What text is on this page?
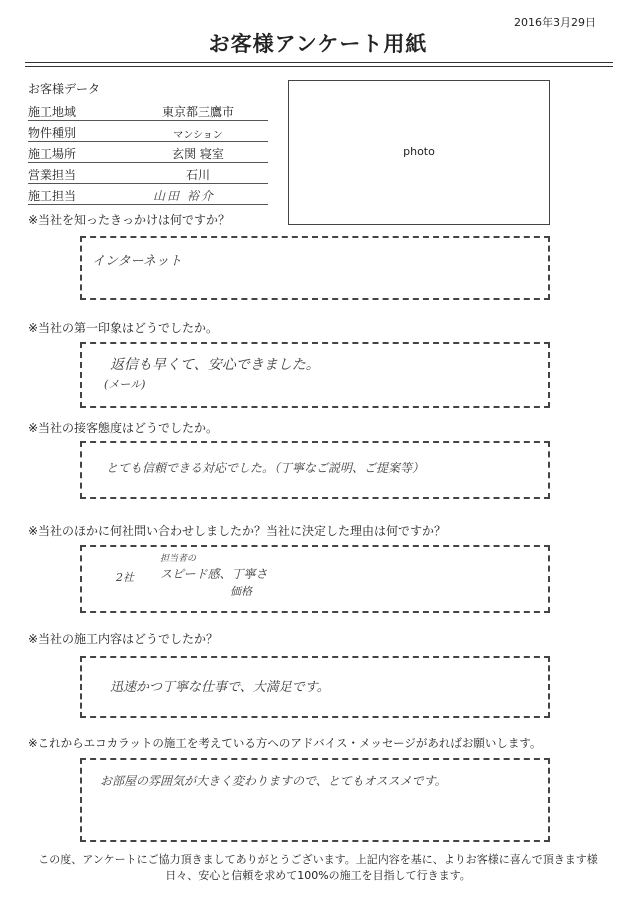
2016年3月29日
お客様アンケート用紙
お客様データ
施工地域	東京都三鷹市
物件種別	マンション
施工場所	玄関 寝室
営業担当	石川
施工担当	山田 裕介
photo
※当社を知ったきっかけは何ですか？
インターネット
※当社の第一印象はどうでしたか。
返信も早くて、安心できました。
(メール)
※当社の接客態度はどうでしたか。
とても信頼できる対応でした。（丁寧なご説明、ご提案等）
※当社のほかに何社問い合わせしましたか？当社に決定した理由は何ですか？
2社
担当者の
スピード感、丁寧さ
価格
※当社の施工内容はどうでしたか？
迅速かつ丁寧な仕事で、大満足です。
※これからエコカラットの施工を考えている方へのアドバイス・メッセージがあればお願いします。
お部屋の雰囲気が大きく変わりますので、とてもオススメです。
この度、アンケートにご協力頂きましてありがとうございます。上記内容を基に、よりお客様に喜んで頂きます様
日々、安心と信頼を求めて100%の施工を目指して行きます。
